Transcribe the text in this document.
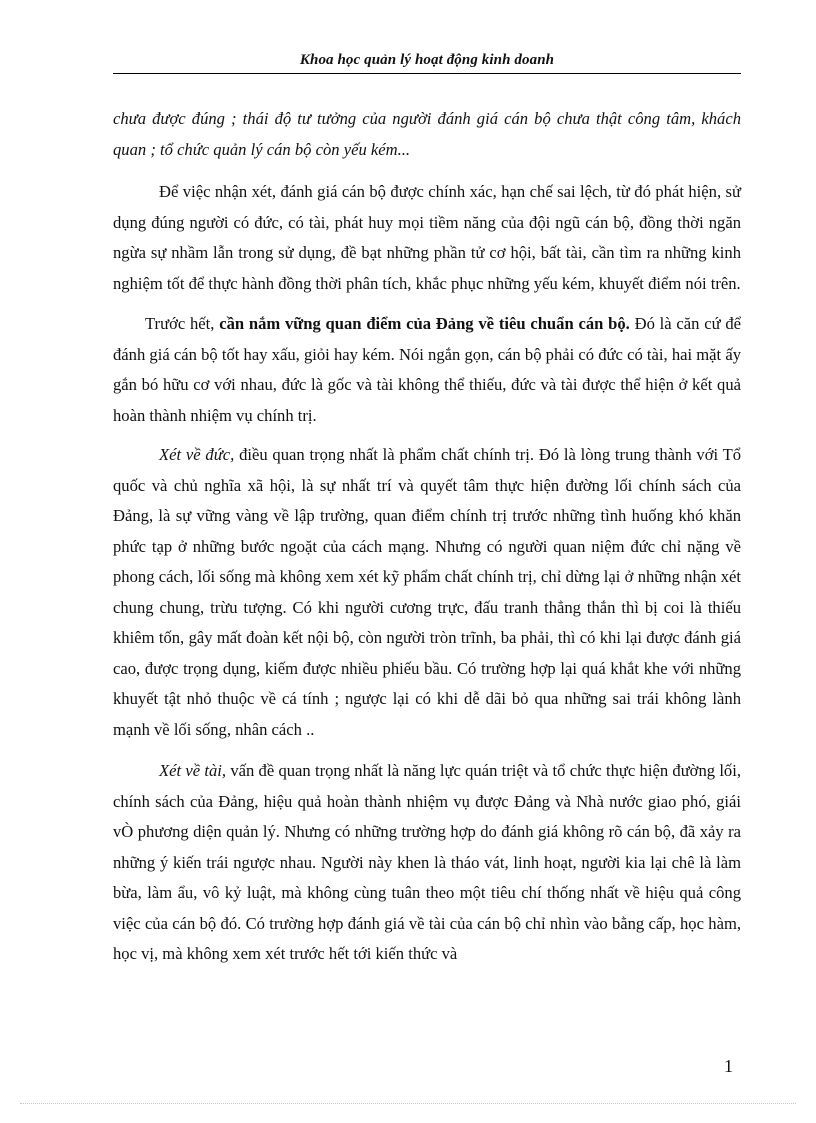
Khoa học quản lý hoạt động kinh doanh

chưa được đúng ; thái độ tư tưởng của người đánh giá cán bộ chưa thật công tâm, khách quan ; tổ chức quản lý cán bộ còn yếu kém...

Để việc nhận xét, đánh giá cán bộ được chính xác, hạn chế sai lệch, từ đó phát hiện, sử dụng đúng người có đức, có tài, phát huy mọi tiềm năng của đội ngũ cán bộ, đồng thời ngăn ngừa sự nhầm lẫn trong sử dụng, đề bạt những phần tử cơ hội, bất tài, cần tìm ra những kinh nghiệm tốt để thực hành đồng thời phân tích, khắc phục những yếu kém, khuyết điểm nói trên.

Trước hết, cần nắm vững quan điểm của Đảng về tiêu chuẩn cán bộ. Đó là căn cứ để đánh giá cán bộ tốt hay xấu, giỏi hay kém. Nói ngắn gọn, cán bộ phải có đức có tài, hai mặt ấy gắn bó hữu cơ với nhau, đức là gốc và tài không thể thiếu, đức và tài được thể hiện ở kết quả hoàn thành nhiệm vụ chính trị.

Xét về đức, điều quan trọng nhất là phẩm chất chính trị. Đó là lòng trung thành với Tổ quốc và chủ nghĩa xã hội, là sự nhất trí và quyết tâm thực hiện đường lối chính sách của Đảng, là sự vững vàng về lập trường, quan điểm chính trị trước những tình huống khó khăn phức tạp ở những bước ngoặt của cách mạng. Nhưng có người quan niệm đức chỉ nặng về phong cách, lối sống mà không xem xét kỹ phẩm chất chính trị, chỉ dừng lại ở những nhận xét chung chung, trừu tượng. Có khi người cương trực, đấu tranh thẳng thắn thì bị coi là thiếu khiêm tốn, gây mất đoàn kết nội bộ, còn người tròn trĩnh, ba phải, thì có khi lại được đánh giá cao, được trọng dụng, kiếm được nhiều phiếu bầu. Có trường hợp lại quá khắt khe với những khuyết tật nhỏ thuộc về cá tính ; ngược lại có khi dễ dãi bỏ qua những sai trái không lành mạnh về lối sống, nhân cách ..

Xét về tài, vấn đề quan trọng nhất là năng lực quán triệt và tổ chức thực hiện đường lối, chính sách của Đảng, hiệu quả hoàn thành nhiệm vụ được Đảng và Nhà nước giao phó, giái vÒ phương diện quản lý. Nhưng có những trường hợp do đánh giá không rõ cán bộ, đã xảy ra những ý kiến trái ngược nhau. Người này khen là tháo vát, linh hoạt, người kia lại chê là làm bừa, làm ẩu, vô kỷ luật, mà không cùng tuân theo một tiêu chí thống nhất về hiệu quả công việc của cán bộ đó. Có trường hợp đánh giá về tài của cán bộ chỉ nhìn vào bằng cấp, học hàm, học vị, mà không xem xét trước hết tới kiến thức và

1
